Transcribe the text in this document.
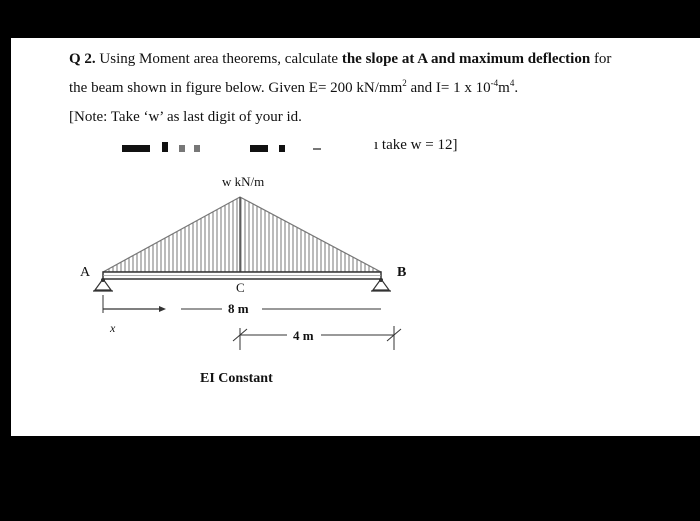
Q 2. Using Moment area theorems, calculate the slope at A and maximum deflection for
the beam shown in figure below. Given E= 200 $kN/mm^2$ and I= 1 x $10^{-4}m^4$.
[Note: Take ‘w’ as last digit of your id.
ı take w = 12]
w kN/m
A	B
C
8 m
4 m
x
EI Constant
